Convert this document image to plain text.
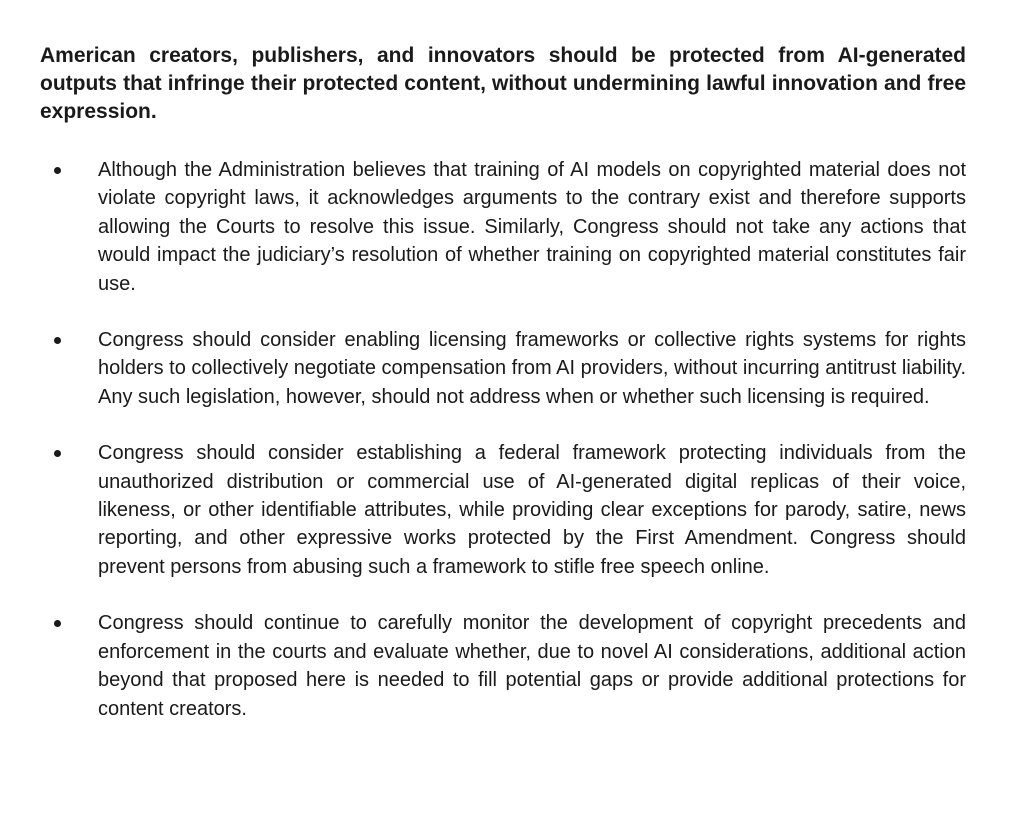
American creators, publishers, and innovators should be protected from AI-generated outputs that infringe their protected content, without undermining lawful innovation and free expression.
Although the Administration believes that training of AI models on copyrighted material does not violate copyright laws, it acknowledges arguments to the contrary exist and therefore supports allowing the Courts to resolve this issue. Similarly, Congress should not take any actions that would impact the judiciary’s resolution of whether training on copyrighted material constitutes fair use.
Congress should consider enabling licensing frameworks or collective rights systems for rights holders to collectively negotiate compensation from AI providers, without incurring antitrust liability. Any such legislation, however, should not address when or whether such licensing is required.
Congress should consider establishing a federal framework protecting individuals from the unauthorized distribution or commercial use of AI-generated digital replicas of their voice, likeness, or other identifiable attributes, while providing clear exceptions for parody, satire, news reporting, and other expressive works protected by the First Amendment. Congress should prevent persons from abusing such a framework to stifle free speech online.
Congress should continue to carefully monitor the development of copyright precedents and enforcement in the courts and evaluate whether, due to novel AI considerations, additional action beyond that proposed here is needed to fill potential gaps or provide additional protections for content creators.
